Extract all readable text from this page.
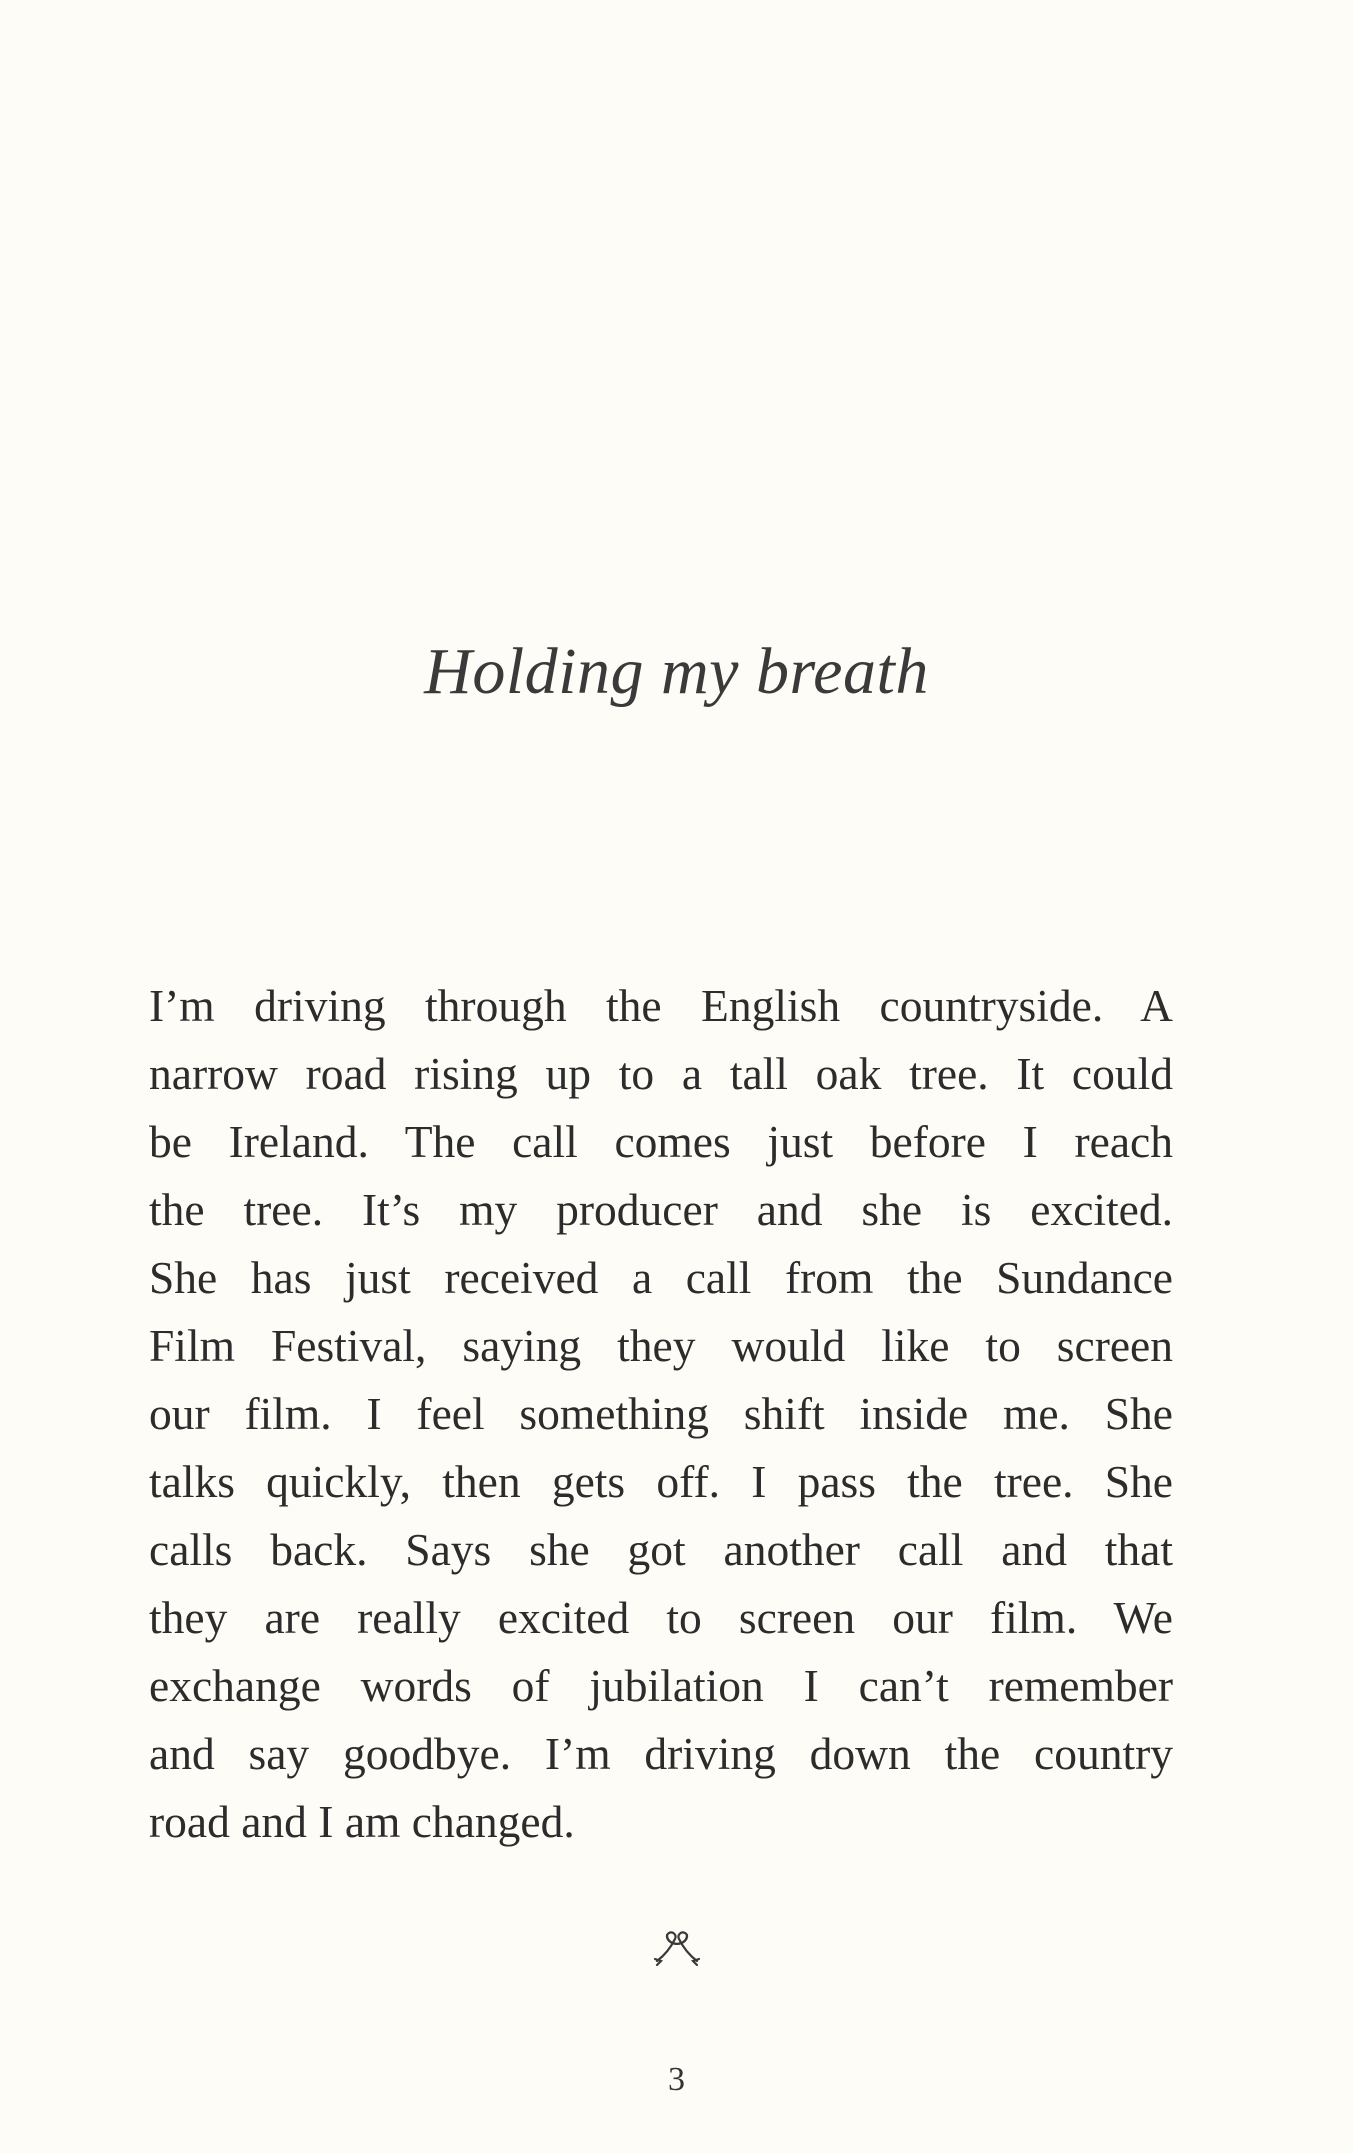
Holding my breath
I’m driving through the English countryside. A
narrow road rising up to a tall oak tree. It could
be Ireland. The call comes just before I reach
the tree. It’s my producer and she is excited.
She has just received a call from the Sundance
Film Festival, saying they would like to screen
our film. I feel something shift inside me. She
talks quickly, then gets off. I pass the tree. She
calls back. Says she got another call and that
they are really excited to screen our film. We
exchange words of jubilation I can’t remember
and say goodbye. I’m driving down the country
road and I am changed.
3
